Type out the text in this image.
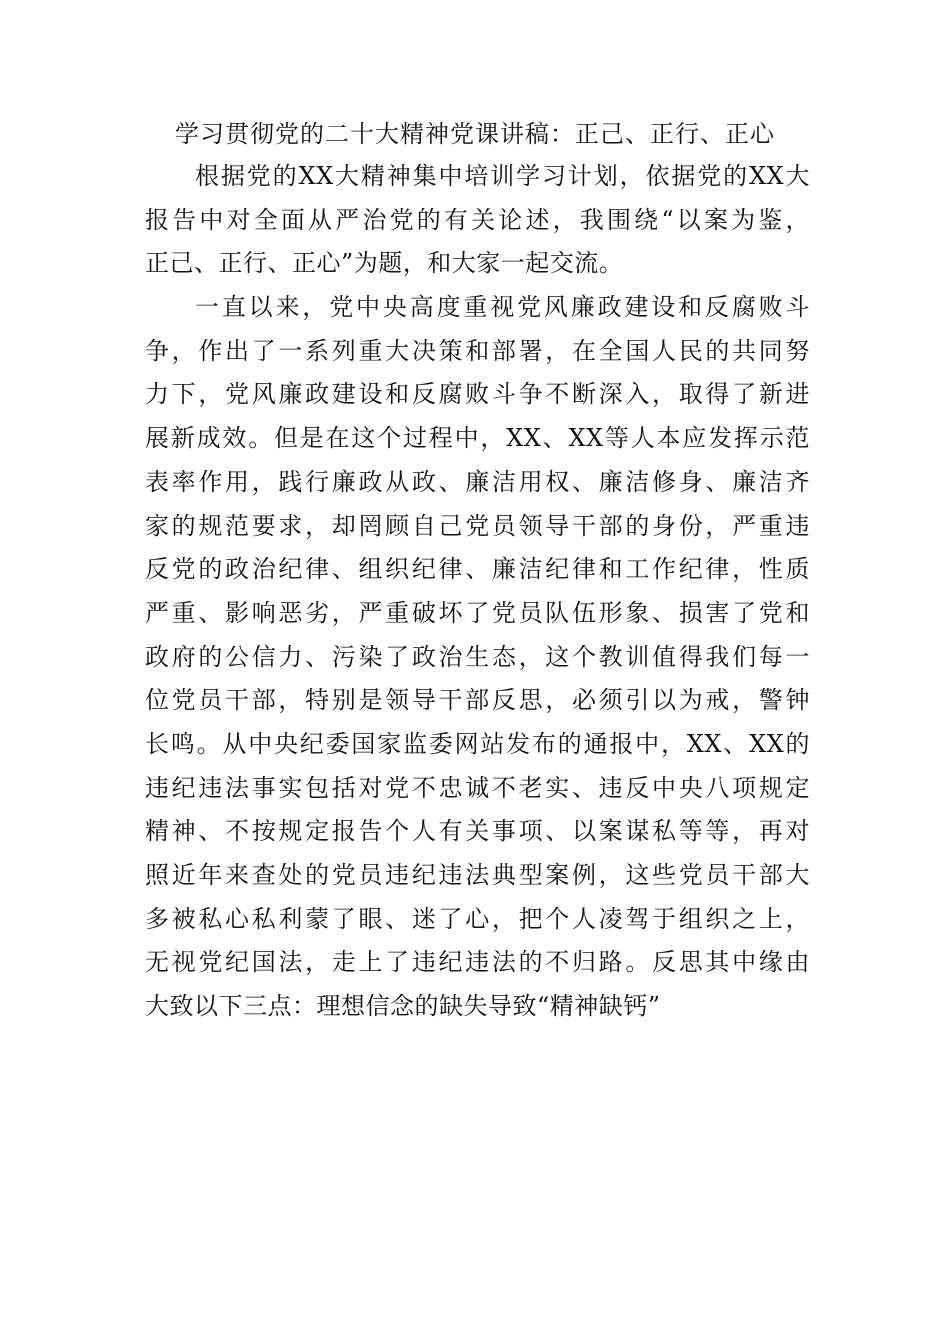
学习贯彻党的二十大精神党课讲稿：正己、正行、正心
根据党的XX大精神集中培训学习计划，依据党的XX大
报告中对全面从严治党的有关论述，我围绕“以案为鉴，
正己、正行、正心”为题，和大家一起交流。
一直以来，党中央高度重视党风廉政建设和反腐败斗
争，作出了一系列重大决策和部署，在全国人民的共同努
力下，党风廉政建设和反腐败斗争不断深入，取得了新进
展新成效。但是在这个过程中，XX、XX等人本应发挥示范
表率作用，践行廉政从政、廉洁用权、廉洁修身、廉洁齐
家的规范要求，却罔顾自己党员领导干部的身份，严重违
反党的政治纪律、组织纪律、廉洁纪律和工作纪律，性质
严重、影响恶劣，严重破坏了党员队伍形象、损害了党和
政府的公信力、污染了政治生态，这个教训值得我们每一
位党员干部，特别是领导干部反思，必须引以为戒，警钟
长鸣。从中央纪委国家监委网站发布的通报中，XX、XX的
违纪违法事实包括对党不忠诚不老实、违反中央八项规定
精神、不按规定报告个人有关事项、以案谋私等等，再对
照近年来查处的党员违纪违法典型案例，这些党员干部大
多被私心私利蒙了眼、迷了心，把个人凌驾于组织之上，
无视党纪国法，走上了违纪违法的不归路。反思其中缘由
大致以下三点：理想信念的缺失导致“精神缺钙”
